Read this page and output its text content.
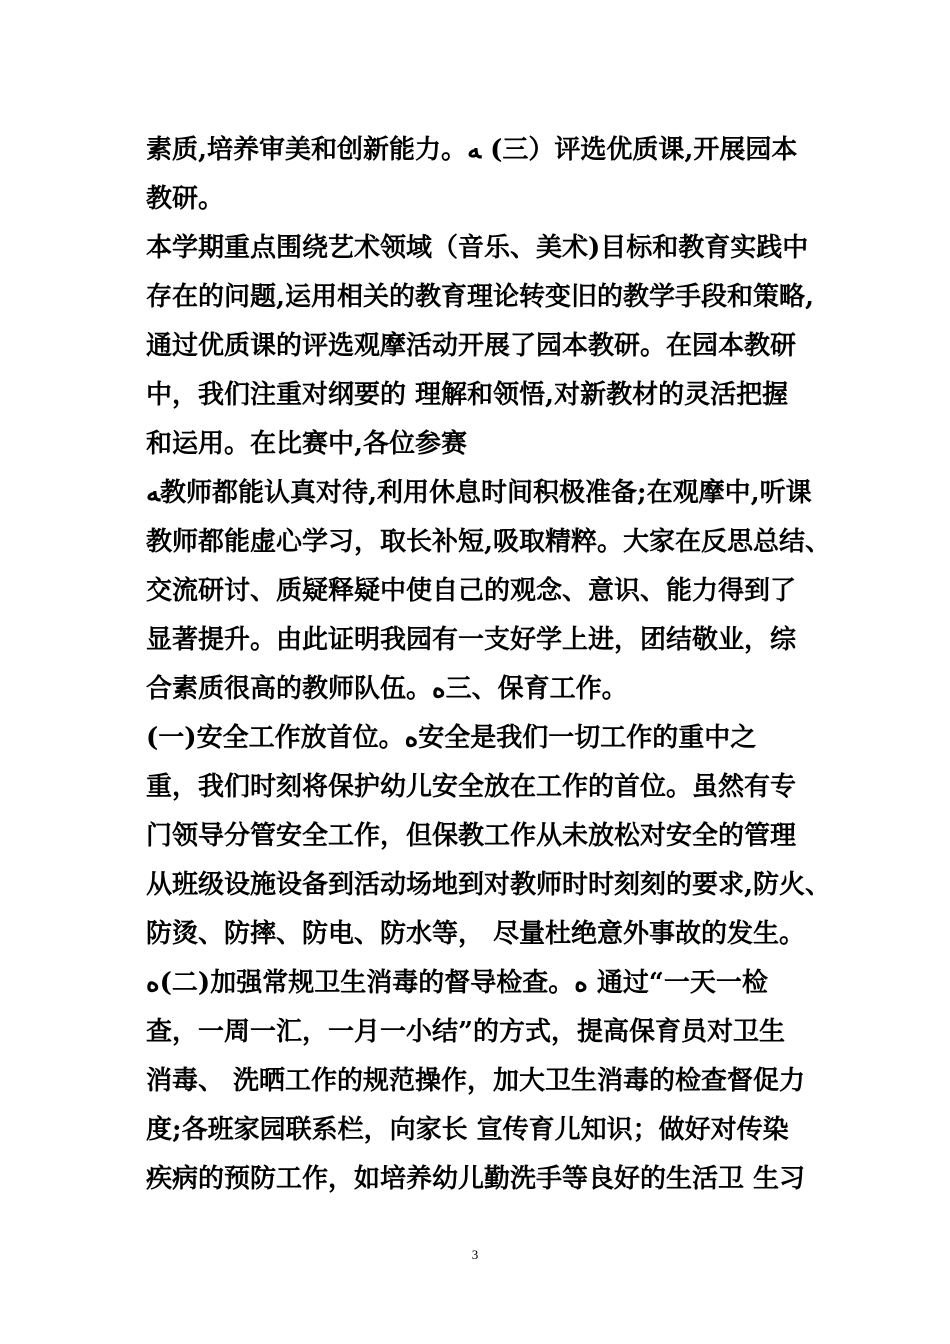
素质,培养审美和创新能力。ﻪ (三）评选优质课,开展园本
教研。
本学期重点围绕艺术领域（音乐、美术)目标和教育实践中
存在的问题,运用相关的教育理论转变旧的教学手段和策略,
通过优质课的评选观摩活动开展了园本教研。在园本教研
中，我们注重对纲要的 理解和领悟,对新教材的灵活把握
和运用。在比赛中,各位参赛
ﻪ教师都能认真对待,利用休息时间积极准备;在观摩中,听课
教师都能虚心学习，取长补短,吸取精粹。大家在反思总结、
交流研讨、质疑释疑中使自己的观念、意识、能力得到了
显著提升。由此证明我园有一支好学上进，团结敬业，综
合素质很高的教师队伍。ﻩ三、保育工作。
(一)安全工作放首位。ﻩ安全是我们一切工作的重中之
重，我们时刻将保护幼儿安全放在工作的首位。虽然有专
门领导分管安全工作，但保教工作从未放松对安全的管理
从班级设施设备到活动场地到对教师时时刻刻的要求,防火、
防烫、防摔、防电、防水等， 尽量杜绝意外事故的发生。
ﻩ(二)加强常规卫生消毒的督导检查。ﻩ 通过“一天一检
查，一周一汇，一月一小结”的方式，提高保育员对卫生
消毒、 洗晒工作的规范操作，加大卫生消毒的检查督促力
度;各班家园联系栏，向家长 宣传育儿知识；做好对传染
疾病的预防工作，如培养幼儿勤洗手等良好的生活卫 生习
3
